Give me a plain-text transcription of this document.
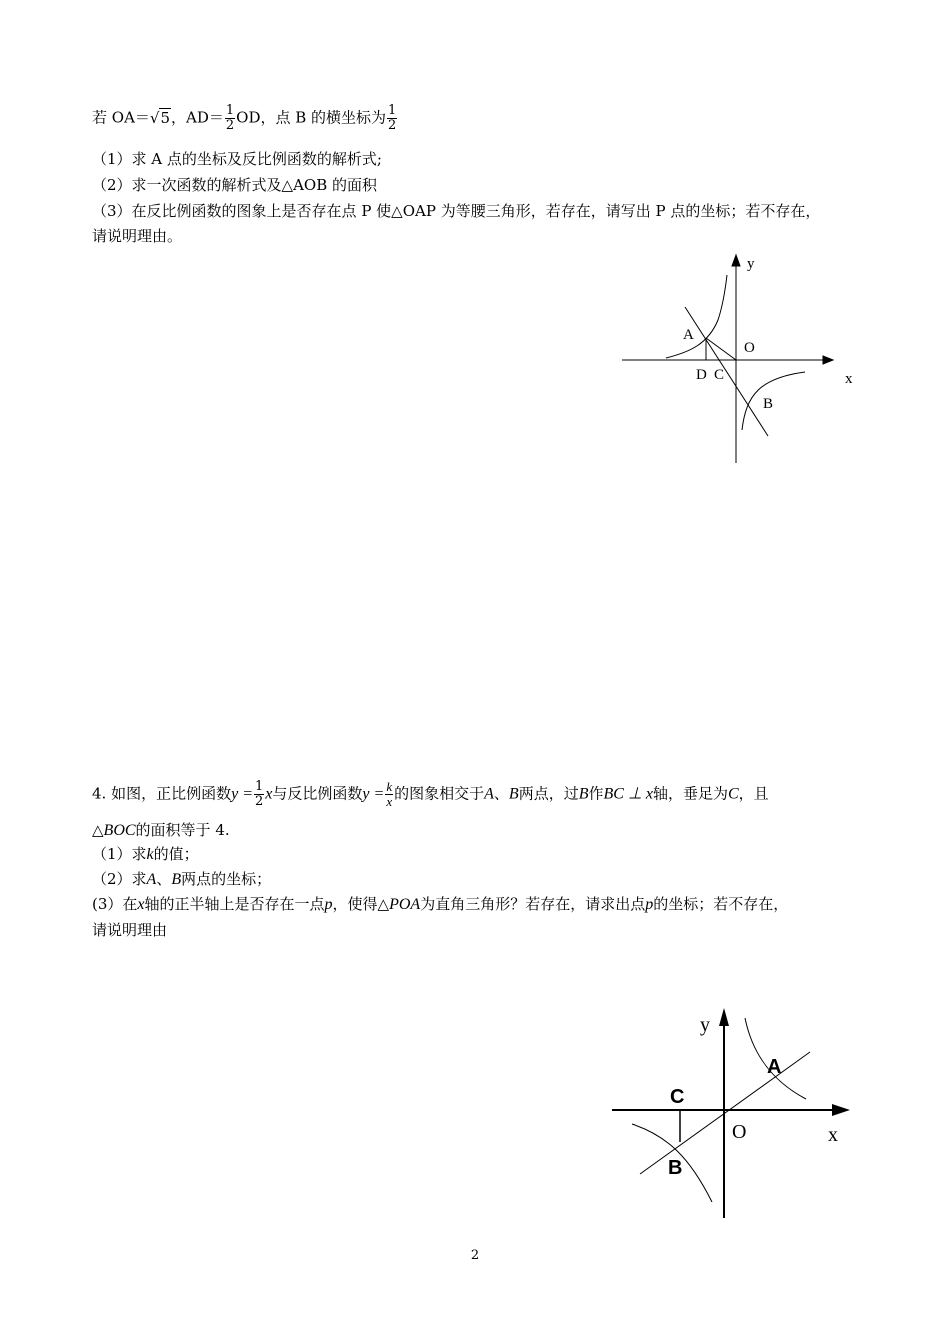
若 OA＝√5，$AD= \frac{1}{2}$ OD，点 B 的横坐标为 $\frac{1}{2}$
（1）求 A 点的坐标及反比例函数的解析式;
（2）求一次函数的解析式及△AOB 的面积
（3）在反比例函数的图象上是否存在点 P 使△OAP 为等腰三角形，若存在，请写出 P 点的坐标；若不存在，
请说明理由。
y
x
A
O
D C
B
4. 如图，正比例函数$y = \frac{1}{2}$ x与反比例函数$y = \frac{k}{x}$ 的图象相交于A、B两点，过B作BC ⊥ x轴，垂足为C，且
△BOC的面积等于 4.
（1）求k的值；
（2）求A、B两点的坐标；
(3）在x轴的正半轴上是否存在一点p，使得△POA为直角三角形？若存在，请求出点p的坐标；若不存在，
请说明理由
y
x
A
O
C
B
2
